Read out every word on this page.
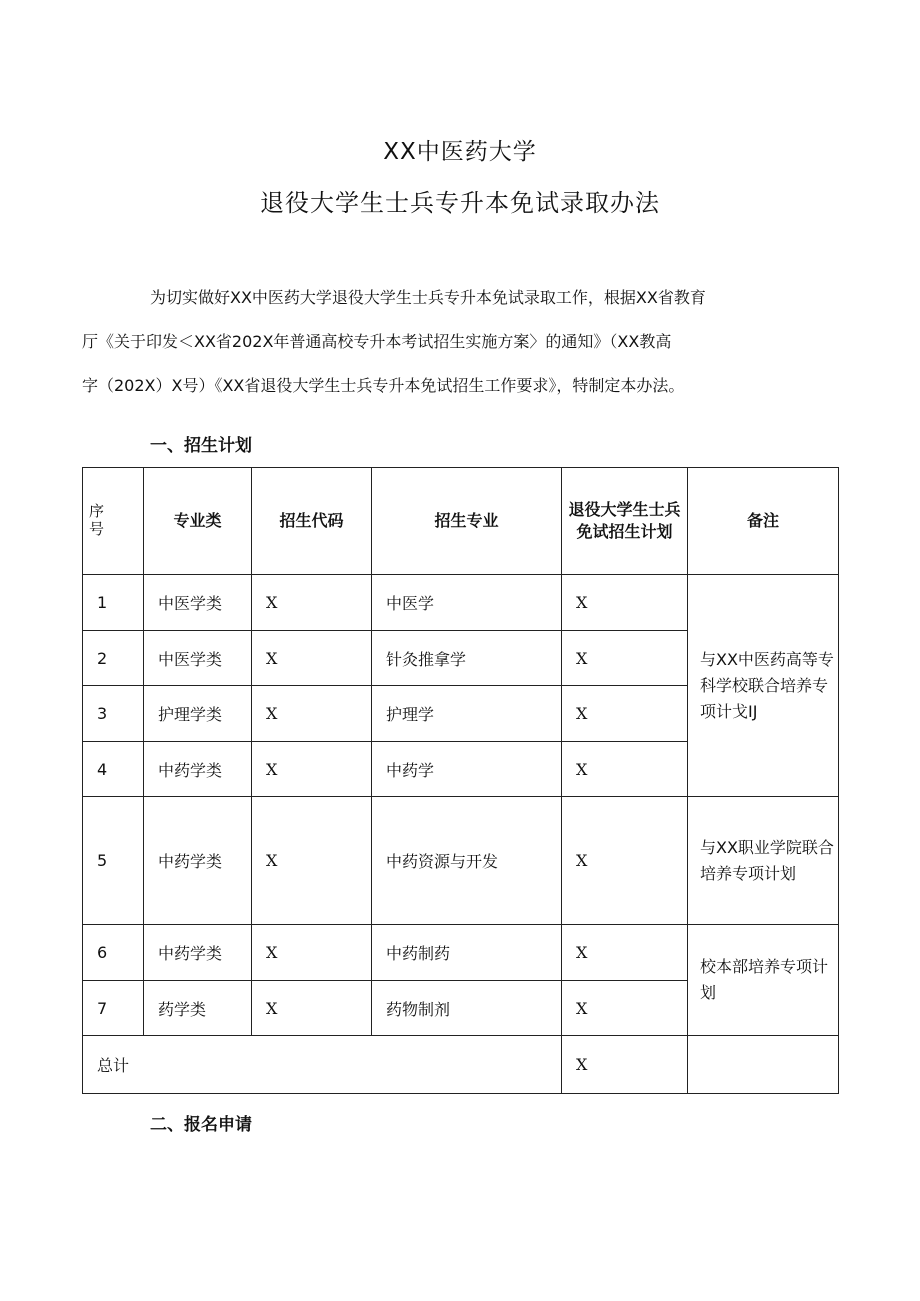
XX中医药大学
退役大学生士兵专升本免试录取办法
为切实做好XX中医药大学退役大学生士兵专升本免试录取工作，根据XX省教育
厅《关于印发＜XX省202X年普通高校专升本考试招生实施方案〉的通知》（XX教高
字（202X）X号）《XX省退役大学生士兵专升本免试招生工作要求》，特制定本办法。
一、招生计划
序号	专业类	招生代码	招生专业	退役大学生士兵免试招生计划	备注
1	中医学类	X	中医学	X	与XX中医药高等专科学校联合培养专项计戈IJ
2	中医学类	X	针灸推拿学	X	
3	护理学类	X	护理学	X	
4	中药学类	X	中药学	X	
5	中药学类	X	中药资源与开发	X	与XX职业学院联合培养专项计划
6	中药学类	X	中药制药	X	校本部培养专项计划
7	药学类	X	药物制剂	X	
总计				X	
二、报名申请
